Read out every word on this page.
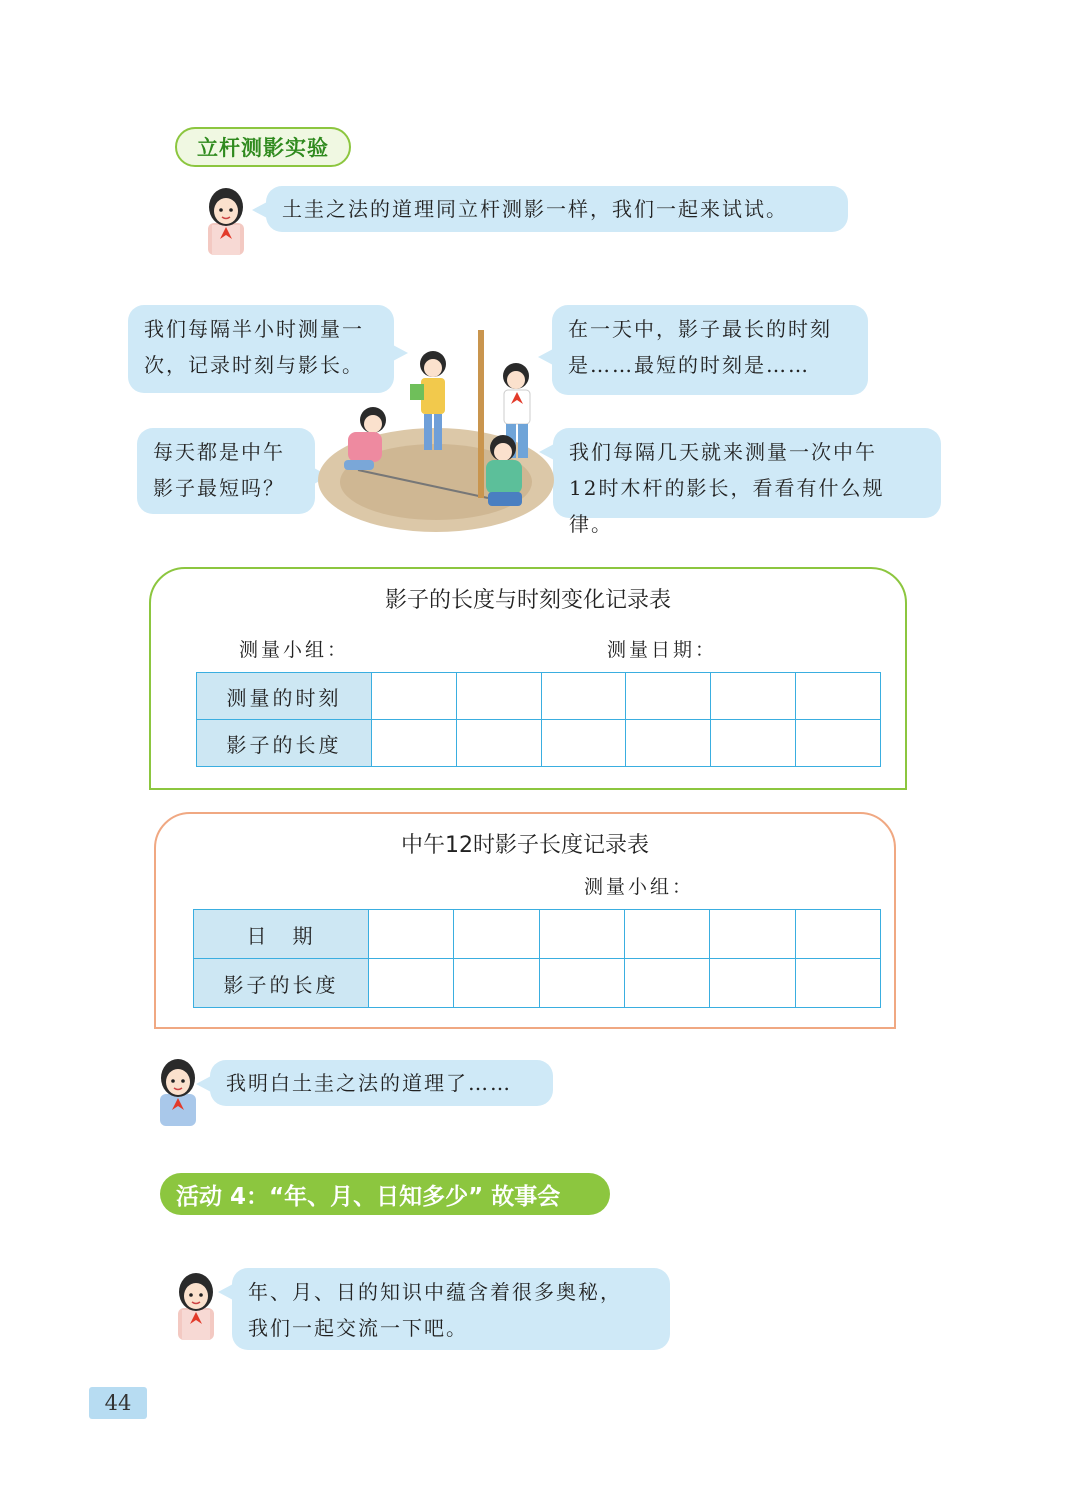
立杆测影实验
土圭之法的道理同立杆测影一样，我们一起来试试。
我们每隔半小时测量一
次，记录时刻与影长。
每天都是中午
影子最短吗？
在一天中，影子最长的时刻
是……最短的时刻是……
我们每隔几天就来测量一次中午
12时木杆的影长，看看有什么规律。
影子的长度与时刻变化记录表
测量小组：	测量日期：
测量的时刻						
影子的长度						
中午12时影子长度记录表
测量小组：
日　期						
影子的长度						
我明白土圭之法的道理了……
活动 4：“年、月、日知多少” 故事会
年、月、日的知识中蕴含着很多奥秘，
我们一起交流一下吧。
44
